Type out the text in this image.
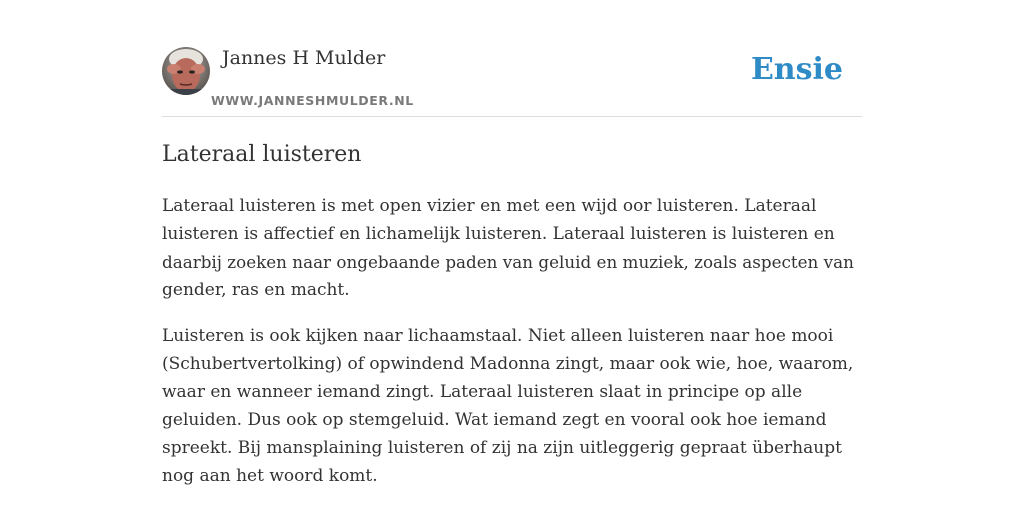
Jannes H Mulder
WWW.JANNESHMULDER.NL
Ensie
Lateraal luisteren

Lateraal luisteren is met open vizier en met een wijd oor luisteren. Lateraal
luisteren is affectief en lichamelijk luisteren. Lateraal luisteren is luisteren en
daarbij zoeken naar ongebaande paden van geluid en muziek, zoals aspecten van
gender, ras en macht.

Luisteren is ook kijken naar lichaamstaal. Niet alleen luisteren naar hoe mooi
(Schubertvertolking) of opwindend Madonna zingt, maar ook wie, hoe, waarom,
waar en wanneer iemand zingt. Lateraal luisteren slaat in principe op alle
geluiden. Dus ook op stemgeluid. Wat iemand zegt en vooral ook hoe iemand
spreekt. Bij mansplaining luisteren of zij na zijn uitleggerig gepraat überhaupt
nog aan het woord komt.
